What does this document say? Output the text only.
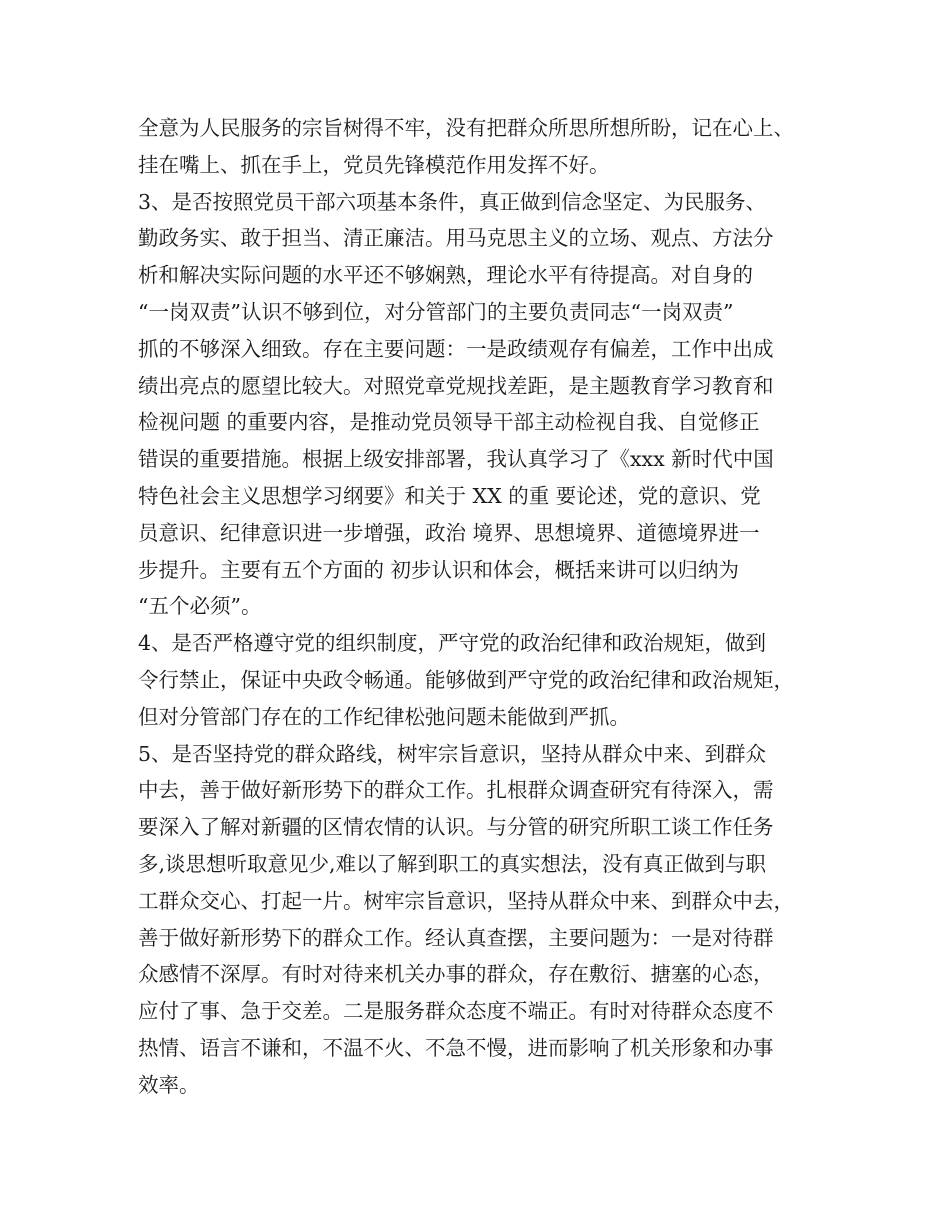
全意为人民服务的宗旨树得不牢，没有把群众所思所想所盼，记在心上、
挂在嘴上、抓在手上，党员先锋模范作用发挥不好。
3、是否按照党员干部六项基本条件，真正做到信念坚定、为民服务、
勤政务实、敢于担当、清正廉洁。用马克思主义的立场、观点、方法分
析和解决实际问题的水平还不够娴熟，理论水平有待提高。对自身的
“一岗双责”认识不够到位，对分管部门的主要负责同志“一岗双责”
抓的不够深入细致。存在主要问题：一是政绩观存有偏差，工作中出成
绩出亮点的愿望比较大。对照党章党规找差距，是主题教育学习教育和
检视问题 的重要内容，是推动党员领导干部主动检视自我、自觉修正
错误的重要措施。根据上级安排部署，我认真学习了《xxx 新时代中国
特色社会主义思想学习纲要》和关于 XX 的重 要论述，党的意识、党
员意识、纪律意识进一步增强，政治 境界、思想境界、道德境界进一
步提升。主要有五个方面的 初步认识和体会，概括来讲可以归纳为
“五个必须”。
4、是否严格遵守党的组织制度，严守党的政治纪律和政治规矩，做到
令行禁止，保证中央政令畅通。能够做到严守党的政治纪律和政治规矩，
但对分管部门存在的工作纪律松弛问题未能做到严抓。
5、是否坚持党的群众路线，树牢宗旨意识，坚持从群众中来、到群众
中去，善于做好新形势下的群众工作。扎根群众调查研究有待深入，需
要深入了解对新疆的区情农情的认识。与分管的研究所职工谈工作任务
多,谈思想听取意见少,难以了解到职工的真实想法，没有真正做到与职
工群众交心、打起一片。树牢宗旨意识，坚持从群众中来、到群众中去，
善于做好新形势下的群众工作。经认真查摆，主要问题为：一是对待群
众感情不深厚。有时对待来机关办事的群众，存在敷衍、搪塞的心态，
应付了事、急于交差。二是服务群众态度不端正。有时对待群众态度不
热情、语言不谦和，不温不火、不急不慢，进而影响了机关形象和办事
效率。
